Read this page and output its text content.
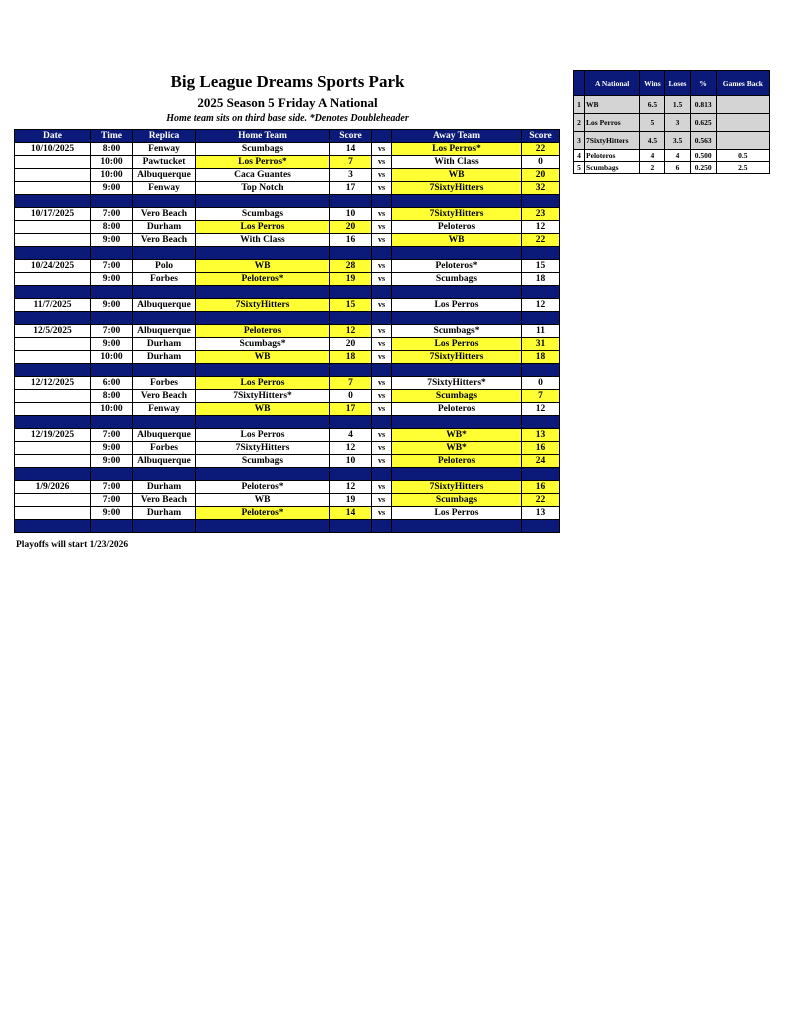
Big League Dreams Sports Park
2025 Season 5 Friday A National
Home team sits on third base side. *Denotes Doubleheader
Date	Time	Replica	Home Team	Score		Away Team	Score
10/10/2025	8:00	Fenway	Scumbags	14	vs	Los Perros*	22
	10:00	Pawtucket	Los Perros*	7	vs	With Class	0
	10:00	Albuquerque	Caca Guantes	3	vs	WB	20
	9:00	Fenway	Top Notch	17	vs	7SixtyHitters	32

10/17/2025	7:00	Vero Beach	Scumbags	10	vs	7SixtyHitters	23
	8:00	Durham	Los Perros	20	vs	Peloteros	12
	9:00	Vero Beach	With Class	16	vs	WB	22

10/24/2025	7:00	Polo	WB	28	vs	Peloteros*	15
	9:00	Forbes	Peloteros*	19	vs	Scumbags	18

11/7/2025	9:00	Albuquerque	7SixtyHitters	15	vs	Los Perros	12

12/5/2025	7:00	Albuquerque	Peloteros	12	vs	Scumbags*	11
	9:00	Durham	Scumbags*	20	vs	Los Perros	31
	10:00	Durham	WB	18	vs	7SixtyHitters	18

12/12/2025	6:00	Forbes	Los Perros	7	vs	7SixtyHitters*	0
	8:00	Vero Beach	7SixtyHitters*	0	vs	Scumbags	7
	10:00	Fenway	WB	17	vs	Peloteros	12

12/19/2025	7:00	Albuquerque	Los Perros	4	vs	WB*	13
	9:00	Forbes	7SixtyHitters	12	vs	WB*	16
	9:00	Albuquerque	Scumbags	10	vs	Peloteros	24

1/9/2026	7:00	Durham	Peloteros*	12	vs	7SixtyHitters	16
	7:00	Vero Beach	WB	19	vs	Scumbags	22
	9:00	Durham	Peloteros*	14	vs	Los Perros	13

Playoffs will start 1/23/2026
	A National	Wins	Loses	%	Games Back
1	WB	6.5	1.5	0.813	
2	Los Perros	5	3	0.625	
3	7SixtyHitters	4.5	3.5	0.563	
4	Peloteros	4	4	0.500	0.5
5	Scumbags	2	6	0.250	2.5
